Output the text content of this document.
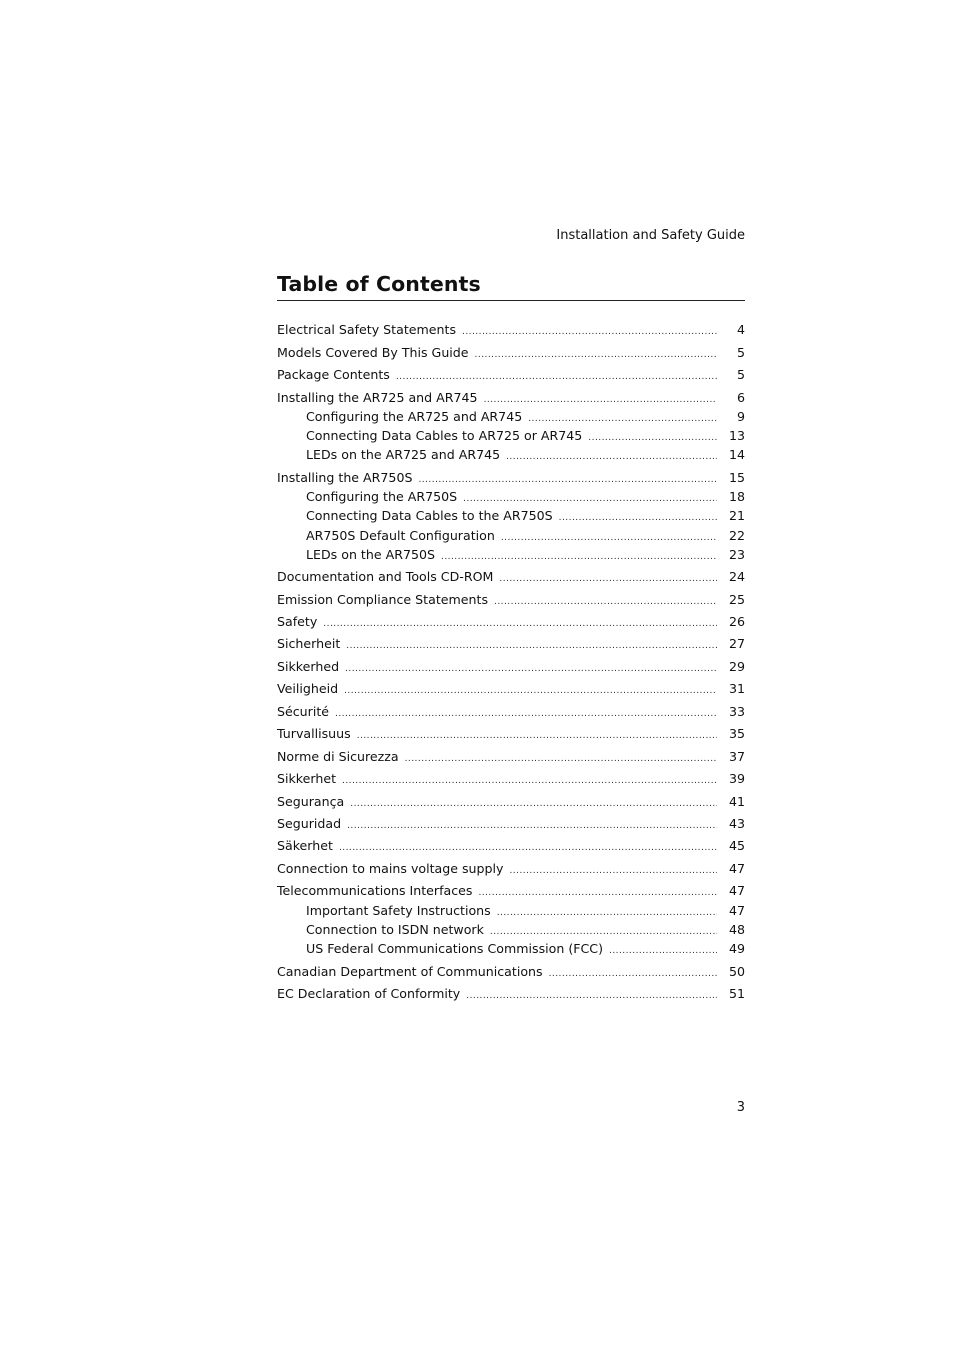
Installation and Safety Guide
Table of Contents
Electrical Safety Statements . . .	4
Models Covered By This Guide . . .	5
Package Contents . . .	5
Installing the AR725 and AR745 . . .	6
Configuring the AR725 and AR745 . . .	9
Connecting Data Cables to AR725 or AR745 . . .	13
LEDs on the AR725 and AR745 . . .	14
Installing the AR750S . . .	15
Configuring the AR750S . . .	18
Connecting Data Cables to the AR750S . . .	21
AR750S Default Configuration . . .	22
LEDs on the AR750S . . .	23
Documentation and Tools CD-ROM . . .	24
Emission Compliance Statements . . .	25
Safety . . .	26
Sicherheit . . .	27
Sikkerhed . . .	29
Veiligheid . . .	31
Sécurité . . .	33
Turvallisuus . . .	35
Norme di Sicurezza . . .	37
Sikkerhet . . .	39
Segurança . . .	41
Seguridad . . .	43
Säkerhet . . .	45
Connection to mains voltage supply . . .	47
Telecommunications Interfaces . . .	47
Important Safety Instructions . . .	47
Connection to ISDN network . . .	48
US Federal Communications Commission (FCC) . . .	49
Canadian Department of Communications . . .	50
EC Declaration of Conformity . . .	51
3
